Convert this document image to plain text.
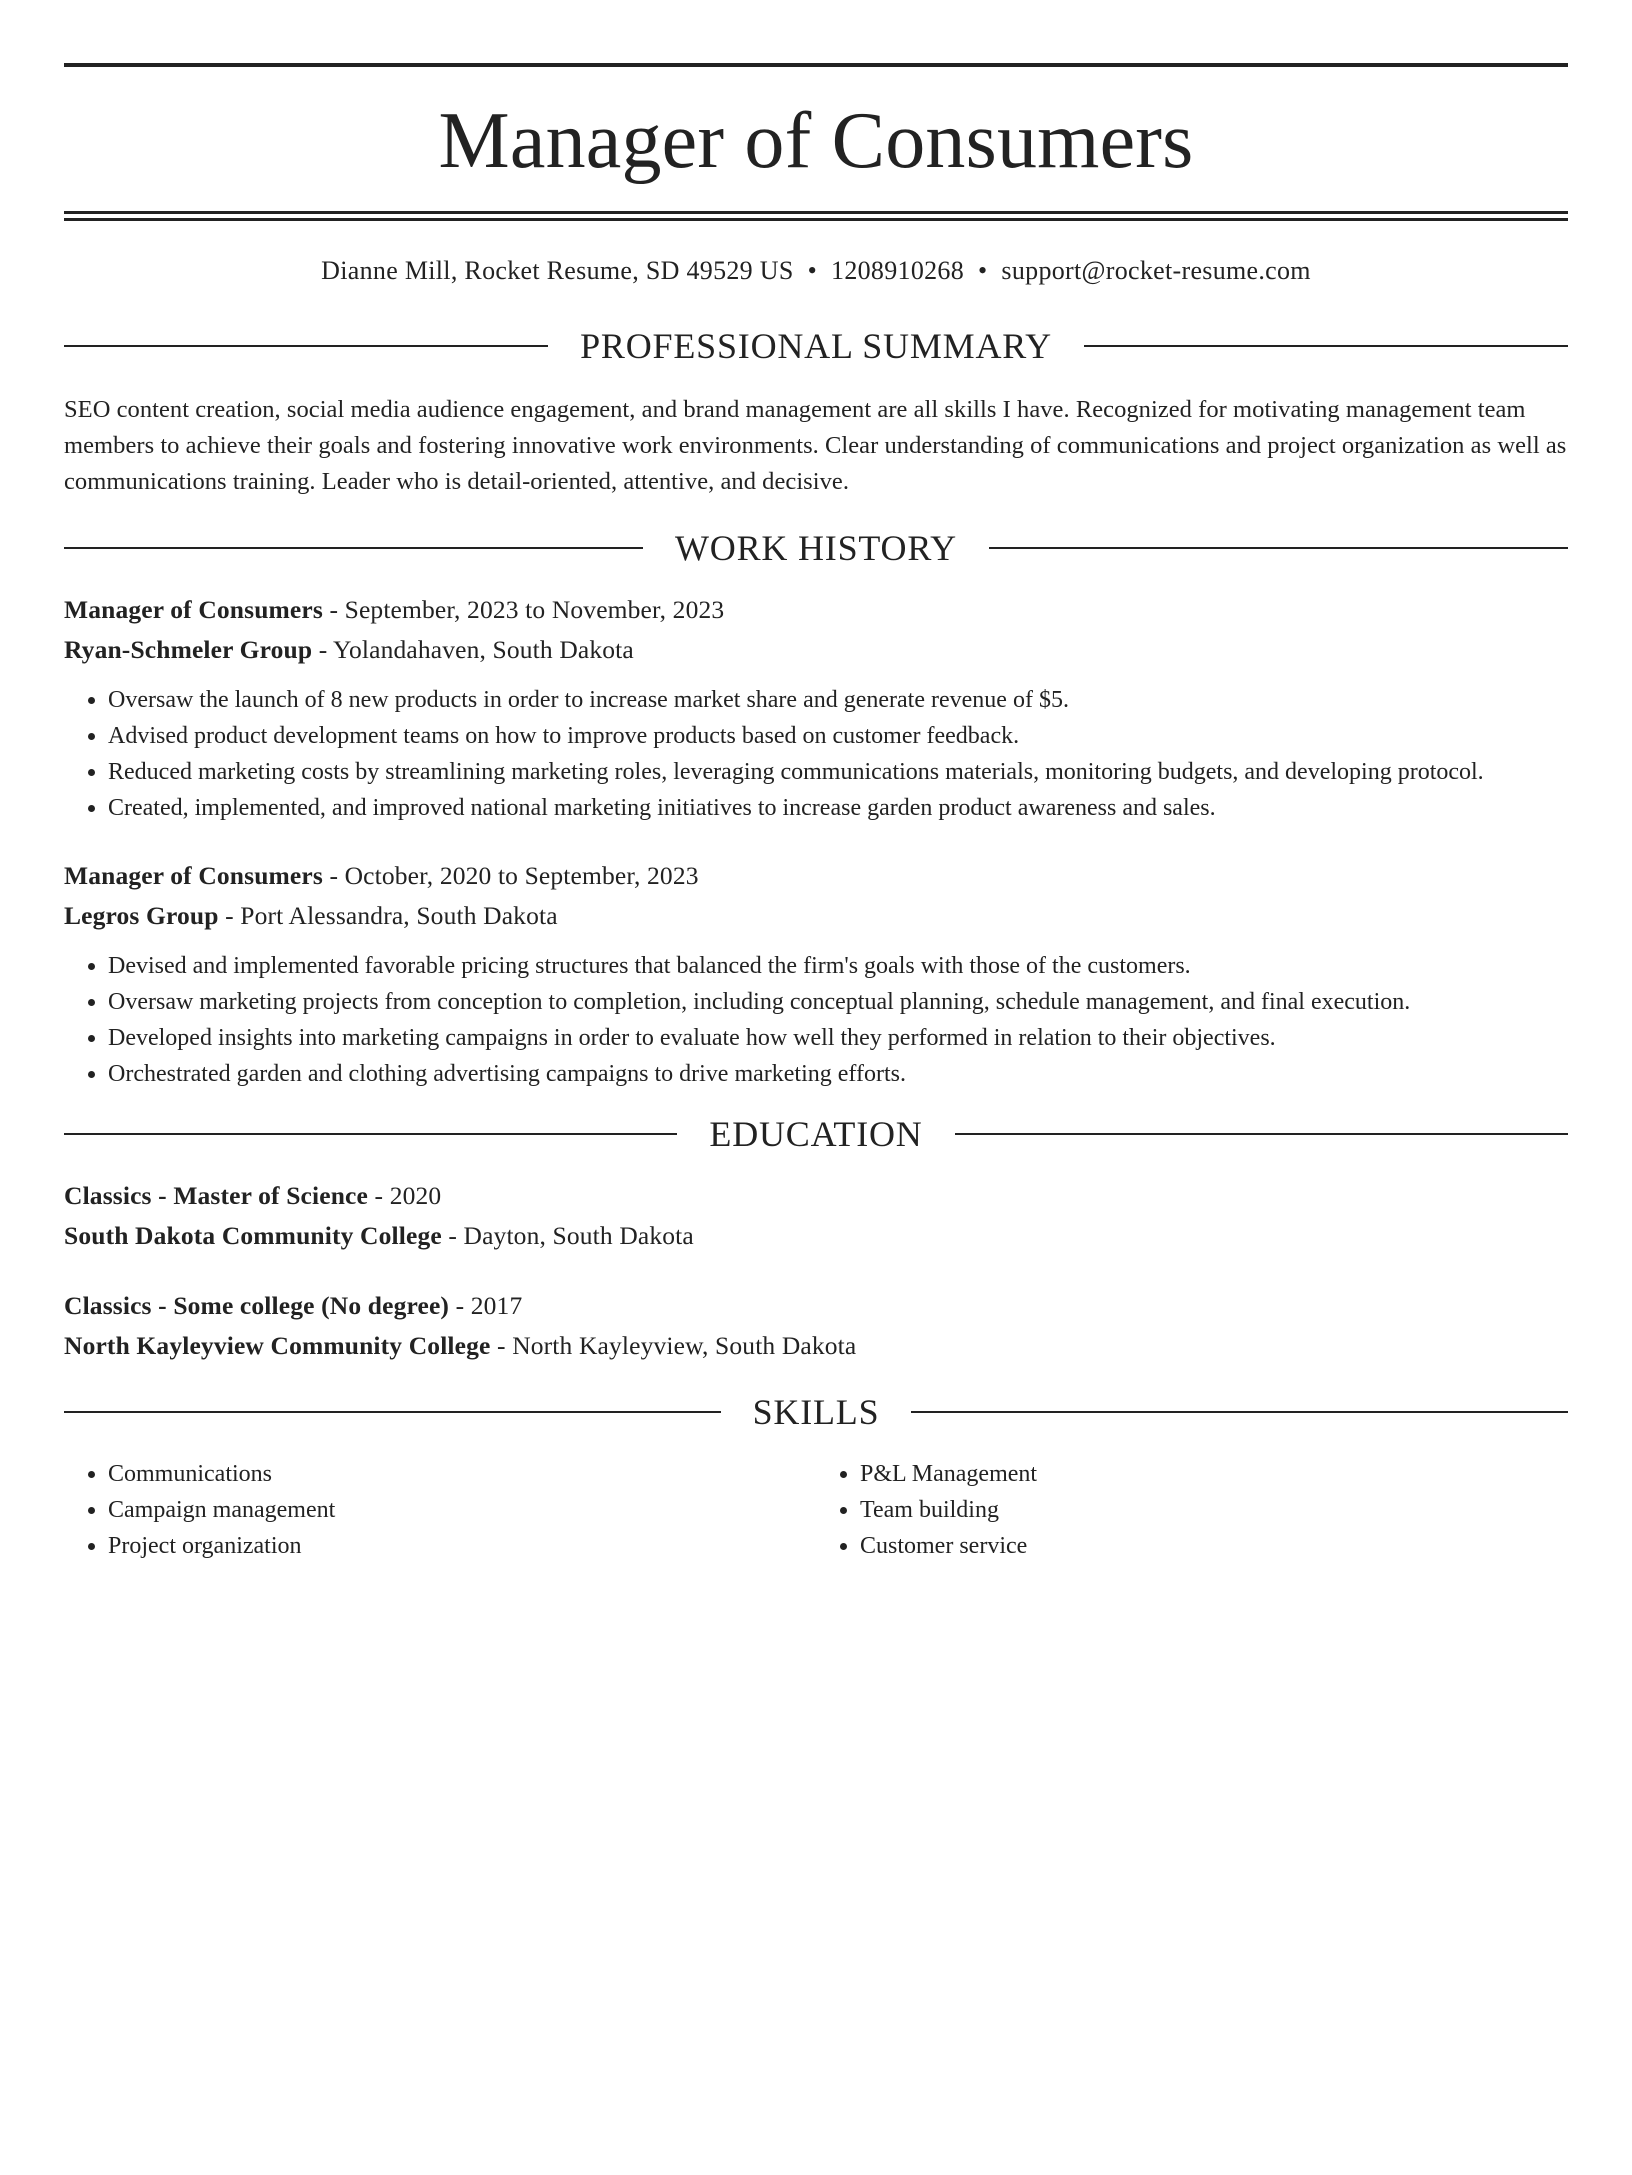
Manager of Consumers
Dianne Mill, Rocket Resume, SD 49529 US • 1208910268 • support@rocket-resume.com
PROFESSIONAL SUMMARY
SEO content creation, social media audience engagement, and brand management are all skills I have. Recognized for motivating management team members to achieve their goals and fostering innovative work environments. Clear understanding of communications and project organization as well as communications training. Leader who is detail-oriented, attentive, and decisive.
WORK HISTORY
Manager of Consumers - September, 2023 to November, 2023
Ryan-Schmeler Group - Yolandahaven, South Dakota
• Oversaw the launch of 8 new products in order to increase market share and generate revenue of $5.
• Advised product development teams on how to improve products based on customer feedback.
• Reduced marketing costs by streamlining marketing roles, leveraging communications materials, monitoring budgets, and developing protocol.
• Created, implemented, and improved national marketing initiatives to increase garden product awareness and sales.
Manager of Consumers - October, 2020 to September, 2023
Legros Group - Port Alessandra, South Dakota
• Devised and implemented favorable pricing structures that balanced the firm's goals with those of the customers.
• Oversaw marketing projects from conception to completion, including conceptual planning, schedule management, and final execution.
• Developed insights into marketing campaigns in order to evaluate how well they performed in relation to their objectives.
• Orchestrated garden and clothing advertising campaigns to drive marketing efforts.
EDUCATION
Classics - Master of Science - 2020
South Dakota Community College - Dayton, South Dakota
Classics - Some college (No degree) - 2017
North Kayleyview Community College - North Kayleyview, South Dakota
SKILLS
• Communications
• Campaign management
• Project organization
• P&L Management
• Team building
• Customer service
